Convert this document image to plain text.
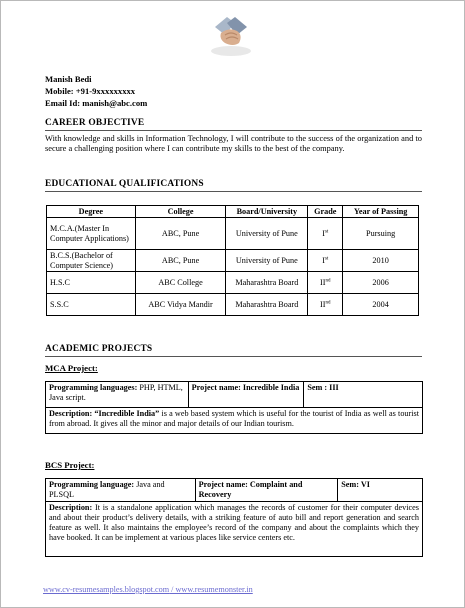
Manish Bedi
Mobile: +91-9xxxxxxxxx
Email Id: manish@abc.com
CAREER OBJECTIVE
With knowledge and skills in Information Technology, I will contribute to the success of the organization and to secure a challenging position where I can contribute my skills to the best of the company.
EDUCATIONAL QUALIFICATIONS
Degree	College	Board/University	Grade	Year of Passing
M.C.A.(Master In Computer Applications)	ABC, Pune	University of Pune	Ist	Pursuing
B.C.S.(Bachelor of Computer Science)	ABC, Pune	University of Pune	Ist	2010
H.S.C	ABC College	Maharashtra Board	IInd	2006
S.S.C	ABC Vidya Mandir	Maharashtra Board	IInd	2004
ACADEMIC PROJECTS
MCA Project:
Programming languages: PHP, HTML, Java script.	Project name: Incredible India	Sem : III
Description: “Incredible India” is a web based system which is useful for the tourist of India as well as tourist from abroad. It gives all the minor and major details of our Indian tourism.
BCS Project:
Programming language: Java and PLSQL	Project name: Complaint and Recovery	Sem: VI
Description: It is a standalone application which manages the records of customer for their computer devices and about their product’s delivery details, with a striking feature of auto bill and report generation and search feature as well. It also maintains the employee’s record of the company and about the complaints which they have booked. It can be implement at various places like service centers etc.
www.cv-resumesamples.blogspot.com / www.resumemonster.in
